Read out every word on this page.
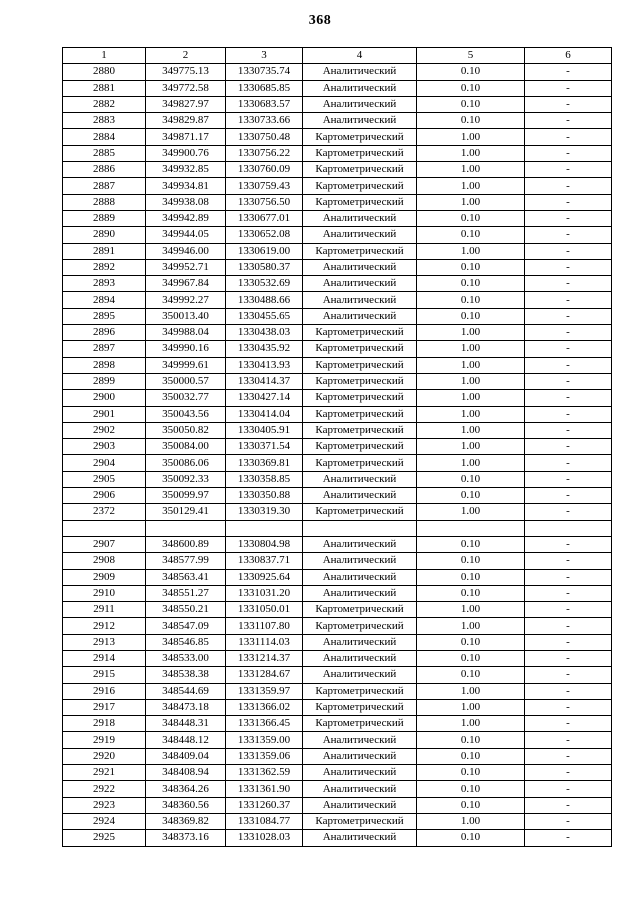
368
1	2	3	4	5	6
2880	349775.13	1330735.74	Аналитический	0.10	-
2881	349772.58	1330685.85	Аналитический	0.10	-
2882	349827.97	1330683.57	Аналитический	0.10	-
2883	349829.87	1330733.66	Аналитический	0.10	-
2884	349871.17	1330750.48	Картометрический	1.00	-
2885	349900.76	1330756.22	Картометрический	1.00	-
2886	349932.85	1330760.09	Картометрический	1.00	-
2887	349934.81	1330759.43	Картометрический	1.00	-
2888	349938.08	1330756.50	Картометрический	1.00	-
2889	349942.89	1330677.01	Аналитический	0.10	-
2890	349944.05	1330652.08	Аналитический	0.10	-
2891	349946.00	1330619.00	Картометрический	1.00	-
2892	349952.71	1330580.37	Аналитический	0.10	-
2893	349967.84	1330532.69	Аналитический	0.10	-
2894	349992.27	1330488.66	Аналитический	0.10	-
2895	350013.40	1330455.65	Аналитический	0.10	-
2896	349988.04	1330438.03	Картометрический	1.00	-
2897	349990.16	1330435.92	Картометрический	1.00	-
2898	349999.61	1330413.93	Картометрический	1.00	-
2899	350000.57	1330414.37	Картометрический	1.00	-
2900	350032.77	1330427.14	Картометрический	1.00	-
2901	350043.56	1330414.04	Картометрический	1.00	-
2902	350050.82	1330405.91	Картометрический	1.00	-
2903	350084.00	1330371.54	Картометрический	1.00	-
2904	350086.06	1330369.81	Картометрический	1.00	-
2905	350092.33	1330358.85	Аналитический	0.10	-
2906	350099.97	1330350.88	Аналитический	0.10	-
2372	350129.41	1330319.30	Картометрический	1.00	-

2907	348600.89	1330804.98	Аналитический	0.10	-
2908	348577.99	1330837.71	Аналитический	0.10	-
2909	348563.41	1330925.64	Аналитический	0.10	-
2910	348551.27	1331031.20	Аналитический	0.10	-
2911	348550.21	1331050.01	Картометрический	1.00	-
2912	348547.09	1331107.80	Картометрический	1.00	-
2913	348546.85	1331114.03	Аналитический	0.10	-
2914	348533.00	1331214.37	Аналитический	0.10	-
2915	348538.38	1331284.67	Аналитический	0.10	-
2916	348544.69	1331359.97	Картометрический	1.00	-
2917	348473.18	1331366.02	Картометрический	1.00	-
2918	348448.31	1331366.45	Картометрический	1.00	-
2919	348448.12	1331359.00	Аналитический	0.10	-
2920	348409.04	1331359.06	Аналитический	0.10	-
2921	348408.94	1331362.59	Аналитический	0.10	-
2922	348364.26	1331361.90	Аналитический	0.10	-
2923	348360.56	1331260.37	Аналитический	0.10	-
2924	348369.82	1331084.77	Картометрический	1.00	-
2925	348373.16	1331028.03	Аналитический	0.10	-
